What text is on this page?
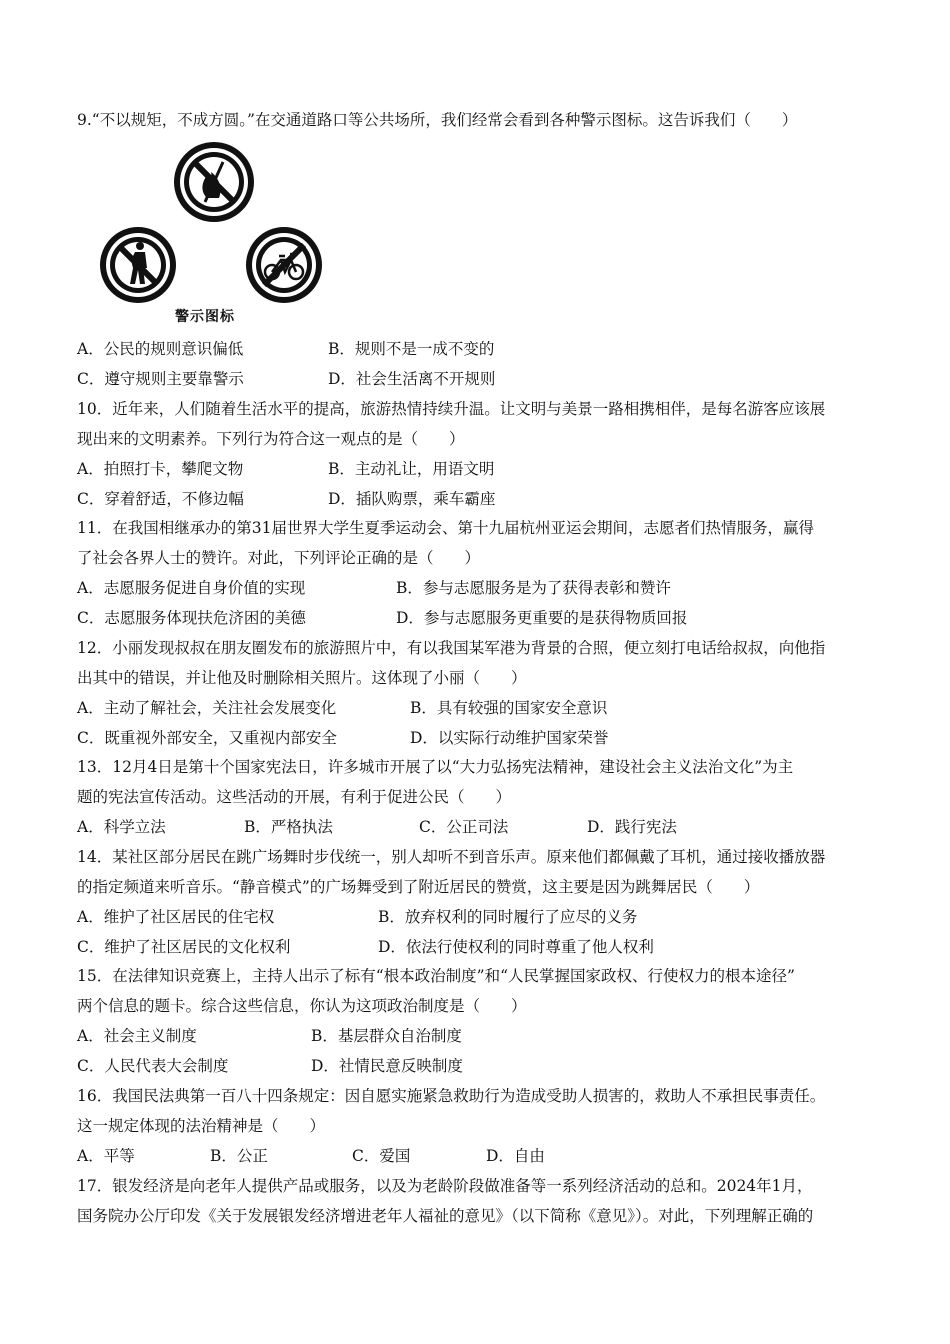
9.“不以规矩，不成方圆。”在交通道路口等公共场所，我们经常会看到各种警示图标。这告诉我们（　　）
警示图标
A．公民的规则意识偏低	B．规则不是一成不变的
C．遵守规则主要靠警示	D．社会生活离不开规则
10．近年来，人们随着生活水平的提高，旅游热情持续升温。让文明与美景一路相携相伴，是每名游客应该展
现出来的文明素养。下列行为符合这一观点的是（　　）
A．拍照打卡，攀爬文物	B．主动礼让，用语文明
C．穿着舒适，不修边幅	D．插队购票，乘车霸座
11．在我国相继承办的第31届世界大学生夏季运动会、第十九届杭州亚运会期间，志愿者们热情服务，赢得
了社会各界人士的赞许。对此，下列评论正确的是（　　）
A．志愿服务促进自身价值的实现	B．参与志愿服务是为了获得表彰和赞许
C．志愿服务体现扶危济困的美德	D．参与志愿服务更重要的是获得物质回报
12．小丽发现叔叔在朋友圈发布的旅游照片中，有以我国某军港为背景的合照，便立刻打电话给叔叔，向他指
出其中的错误，并让他及时删除相关照片。这体现了小丽（　　）
A．主动了解社会，关注社会发展变化	B．具有较强的国家安全意识
C．既重视外部安全，又重视内部安全	D．以实际行动维护国家荣誉
13．12月4日是第十个国家宪法日，许多城市开展了以“大力弘扬宪法精神，建设社会主义法治文化”为主
题的宪法宣传活动。这些活动的开展，有利于促进公民（　　）
A．科学立法	B．严格执法	C．公正司法	D．践行宪法
14．某社区部分居民在跳广场舞时步伐统一，别人却听不到音乐声。原来他们都佩戴了耳机，通过接收播放器
的指定频道来听音乐。“静音模式”的广场舞受到了附近居民的赞赏，这主要是因为跳舞居民（　　）
A．维护了社区居民的住宅权	B．放弃权利的同时履行了应尽的义务
C．维护了社区居民的文化权利	D．依法行使权利的同时尊重了他人权利
15．在法律知识竞赛上，主持人出示了标有“根本政治制度”和“人民掌握国家政权、行使权力的根本途径”
两个信息的题卡。综合这些信息，你认为这项政治制度是（　　）
A．社会主义制度	B．基层群众自治制度
C．人民代表大会制度	D．社情民意反映制度
16．我国民法典第一百八十四条规定：因自愿实施紧急救助行为造成受助人损害的，救助人不承担民事责任。
这一规定体现的法治精神是（　　）
A．平等	B．公正	C．爱国	D．自由
17．银发经济是向老年人提供产品或服务，以及为老龄阶段做准备等一系列经济活动的总和。2024年1月，
国务院办公厅印发《关于发展银发经济增进老年人福祉的意见》（以下简称《意见》）。对此，下列理解正确的
